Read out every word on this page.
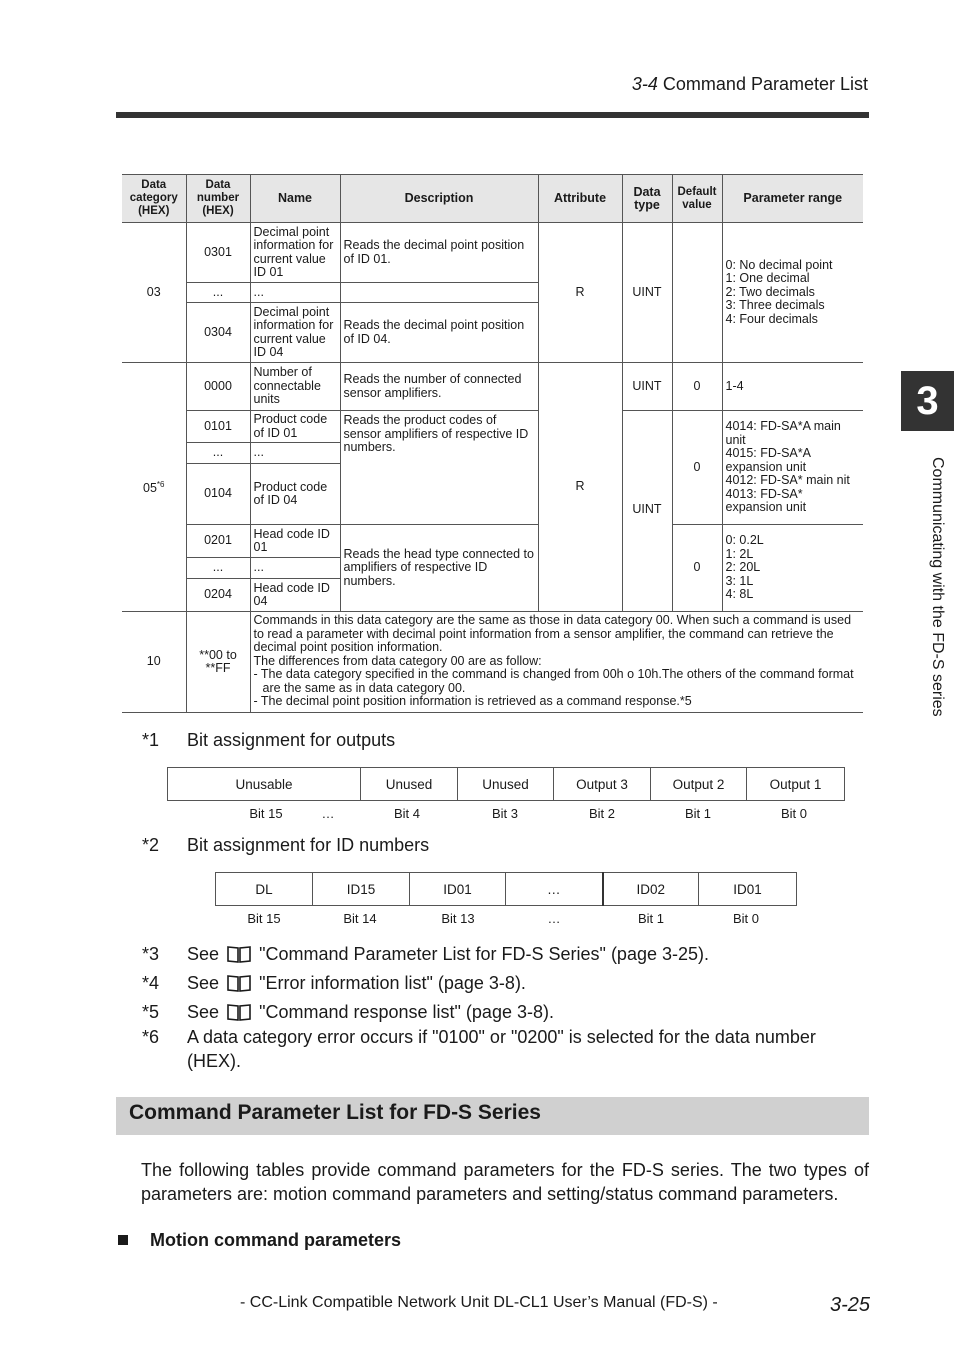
3-4 Command Parameter List
3
Communicating with the FD-S series
Data category (HEX)	Data number (HEX)	Name	Description	Attribute	Data type	Default value	Parameter range
03	0301	Decimal point information for current value ID 01	Reads the decimal point position of ID 01.	R	UINT		0: No decimal point
1: One decimal
2: Two decimals
3: Three decimals
4: Four decimals
	...	...					
	0304	Decimal point information for current value ID 04	Reads the decimal point position of ID 04.				
05$^{*6}$	0000	Number of connectable units	Reads the number of connected sensor amplifiers.	R	UINT	0	1-4
	0101	Product code of ID 01	Reads the product codes of sensor amplifiers of respective ID numbers.		UINT	0	4014: FD-SA*A main unit
4015: FD-SA*A expansion unit
4012: FD-SA* main nit
4013: FD-SA* expansion unit
	...	...					
	0104	Product code of ID 04					
	0201	Head code ID 01	Reads the head type connected to amplifiers of respective ID numbers.			0	0: 0.2L
1: 2L
2: 20L
3: 1L
4: 8L
	...	...					
	0204	Head code ID 04					
10	**00 to **FF	Commands in this data category are the same as those in data category 00. When such a command is used to read a parameter with decimal point information from a sensor amplifier, the command can retrieve the decimal point position information.
The differences from data category 00 are as follow:
- The data category specified in the command is changed from 00h o 10h.The others of the command format are the same as in data category 00.
- The decimal point position information is retrieved as a command response.*5					
*1 Bit assignment for outputs
Unusable	Unused	Unused	Output 3	Output 2	Output 1
Bit 15	…	Bit 4	Bit 3	Bit 2	Bit 1	Bit 0
*2 Bit assignment for ID numbers
DL	ID15	ID01	…	ID02	ID01
Bit 15	Bit 14	Bit 13	…	Bit 1	Bit 0
*3 See "Command Parameter List for FD-S Series" (page 3-25).
*4 See "Error information list" (page 3-8).
*5 See "Command response list" (page 3-8).
*6 A data category error occurs if "0100" or "0200" is selected for the data number
(HEX).
Command Parameter List for FD-S Series
The following tables provide command parameters for the FD-S series. The two types of parameters are: motion command parameters and setting/status command parameters.
Motion command parameters
- CC-Link Compatible Network Unit DL-CL1 User’s Manual (FD-S) -	3-25
